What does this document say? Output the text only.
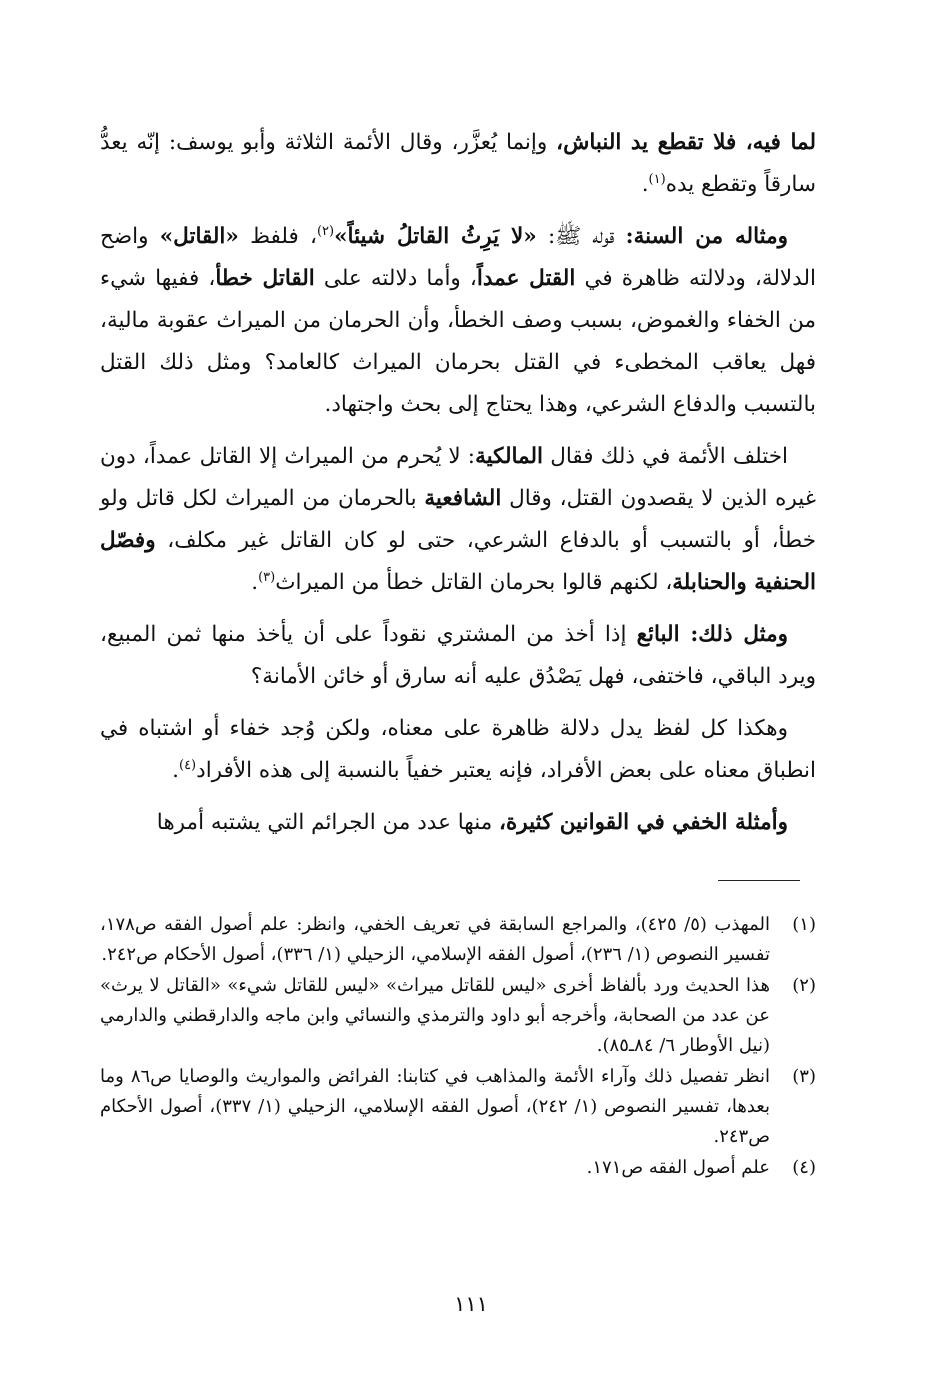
لما فيه، فلا تقطع يد النباش، وإنما يُعزَّر، وقال الأئمة الثلاثة وأبو يوسف: إنّه يعدُّ سارقاً وتقطع يده$^{(١)}$.

ومثاله من السنة: قوله ﷺ: «لا يَرِثُ القاتلُ شيئاً»$^{(٢)}$، فلفظ «القاتل» واضح الدلالة، ودلالته ظاهرة في القتل عمداً، وأما دلالته على القاتل خطأ، ففيها شيء من الخفاء والغموض، بسبب وصف الخطأ، وأن الحرمان من الميراث عقوبة مالية، فهل يعاقب المخطىء في القتل بحرمان الميراث كالعامد؟ ومثل ذلك القتل بالتسبب والدفاع الشرعي، وهذا يحتاج إلى بحث واجتهاد.

اختلف الأئمة في ذلك فقال المالكية: لا يُحرم من الميراث إلا القاتل عمداً، دون غيره الذين لا يقصدون القتل، وقال الشافعية بالحرمان من الميراث لكل قاتل ولو خطأ، أو بالتسبب أو بالدفاع الشرعي، حتى لو كان القاتل غير مكلف، وفصّل الحنفية والحنابلة، لكنهم قالوا بحرمان القاتل خطأ من الميراث$^{(٣)}$.

ومثل ذلك: البائع إذا أخذ من المشتري نقوداً على أن يأخذ منها ثمن المبيع، ويرد الباقي، فاختفى، فهل يَصْدُق عليه أنه سارق أو خائن الأمانة؟

وهكذا كل لفظ يدل دلالة ظاهرة على معناه، ولكن وُجد خفاء أو اشتباه في انطباق معناه على بعض الأفراد، فإنه يعتبر خفياً بالنسبة إلى هذه الأفراد$^{(٤)}$.

وأمثلة الخفي في القوانين كثيرة، منها عدد من الجرائم التي يشتبه أمرها

(١)
المهذب (٥/ ٤٢٥)، والمراجع السابقة في تعريف الخفي، وانظر: علم أصول الفقه ص١٧٨، تفسير النصوص (١/ ٢٣٦)، أصول الفقه الإسلامي، الزحيلي (١/ ٣٣٦)، أصول الأحكام ص٢٤٢.
(٢)
هذا الحديث ورد بألفاظ أخرى «ليس للقاتل ميراث» «ليس للقاتل شيء» «القاتل لا يرث» عن عدد من الصحابة، وأخرجه أبو داود والترمذي والنسائي وابن ماجه والدارقطني والدارمي (نيل الأوطار ٦/ ٨٤ـ٨٥).
(٣)
انظر تفصيل ذلك وآراء الأئمة والمذاهب في كتابنا: الفرائض والمواريث والوصايا ص٨٦ وما بعدها، تفسير النصوص (١/ ٢٤٢)، أصول الفقه الإسلامي، الزحيلي (١/ ٣٣٧)، أصول الأحكام ص٢٤٣.
(٤)
علم أصول الفقه ص١٧١.
١١١
